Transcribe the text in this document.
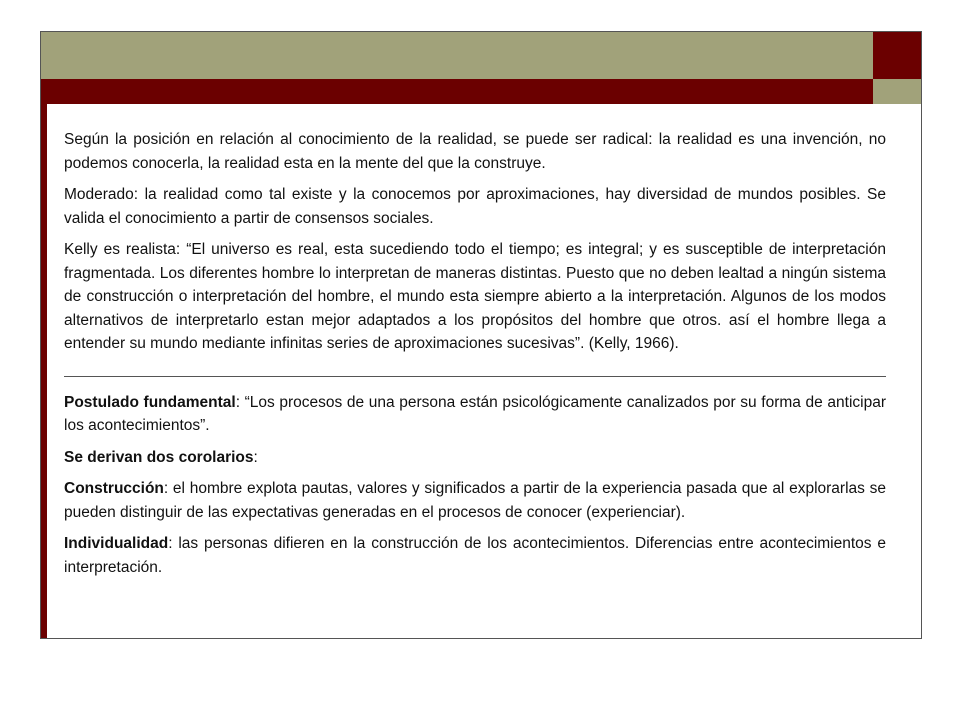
Según la posición en relación al conocimiento de la realidad, se puede ser radical: la realidad es una invención, no podemos conocerla, la realidad esta en la mente del que la construye.

Moderado: la realidad como tal existe y la conocemos por aproximaciones, hay diversidad de mundos posibles. Se valida el conocimiento a partir de consensos sociales.

Kelly es realista: “El universo es real, esta sucediendo todo el tiempo; es integral; y es susceptible de interpretación fragmentada. Los diferentes hombre lo interpretan de maneras distintas. Puesto que no deben lealtad a ningún sistema de construcción o interpretación del hombre, el mundo esta siempre abierto a la interpretación. Algunos de los modos alternativos de interpretarlo estan mejor adaptados a los propósitos del hombre que otros. así el hombre llega a entender su mundo mediante infinitas series de aproximaciones sucesivas”. (Kelly, 1966).

Postulado fundamental: “Los procesos de una persona están psicológicamente canalizados por su forma de anticipar los acontecimientos”.

Se derivan dos corolarios:

Construcción: el hombre explota pautas, valores y significados a partir de la experiencia pasada que al explorarlas se pueden distinguir de las expectativas generadas en el procesos de conocer (experienciar).

Individualidad: las personas difieren en la construcción de los acontecimientos. Diferencias entre acontecimientos e interpretación.
